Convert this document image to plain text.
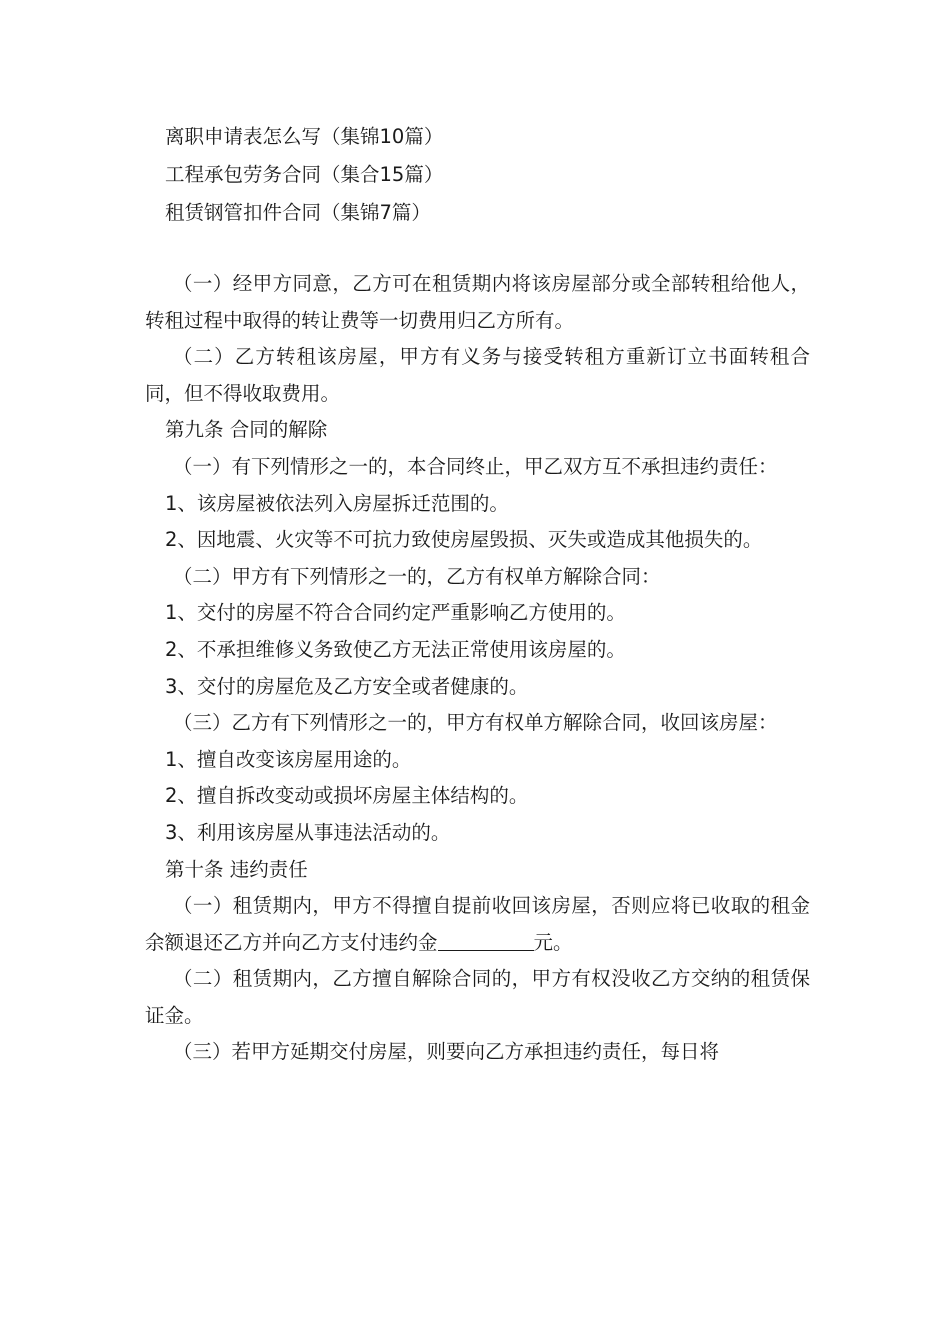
离职申请表怎么写（集锦10篇）
工程承包劳务合同（集合15篇）
租赁钢管扣件合同（集锦7篇）

（一）经甲方同意，乙方可在租赁期内将该房屋部分或全部转租给他人，转租过程中取得的转让费等一切费用归乙方所有。

（二）乙方转租该房屋，甲方有义务与接受转租方重新订立书面转租合同，但不得收取费用。

第九条 合同的解除

（一）有下列情形之一的，本合同终止，甲乙双方互不承担违约责任：

1、该房屋被依法列入房屋拆迁范围的。

2、因地震、火灾等不可抗力致使房屋毁损、灭失或造成其他损失的。

（二）甲方有下列情形之一的，乙方有权单方解除合同：

1、交付的房屋不符合合同约定严重影响乙方使用的。

2、不承担维修义务致使乙方无法正常使用该房屋的。

3、交付的房屋危及乙方安全或者健康的。

（三）乙方有下列情形之一的，甲方有权单方解除合同，收回该房屋：

1、擅自改变该房屋用途的。

2、擅自拆改变动或损坏房屋主体结构的。

3、利用该房屋从事违法活动的。

第十条 违约责任

（一）租赁期内，甲方不得擅自提前收回该房屋，否则应将已收取的租金余额退还乙方并向乙方支付违约金	元。

（二）租赁期内，乙方擅自解除合同的，甲方有权没收乙方交纳的租赁保证金。

（三）若甲方延期交付房屋，则要向乙方承担违约责任，每日将
